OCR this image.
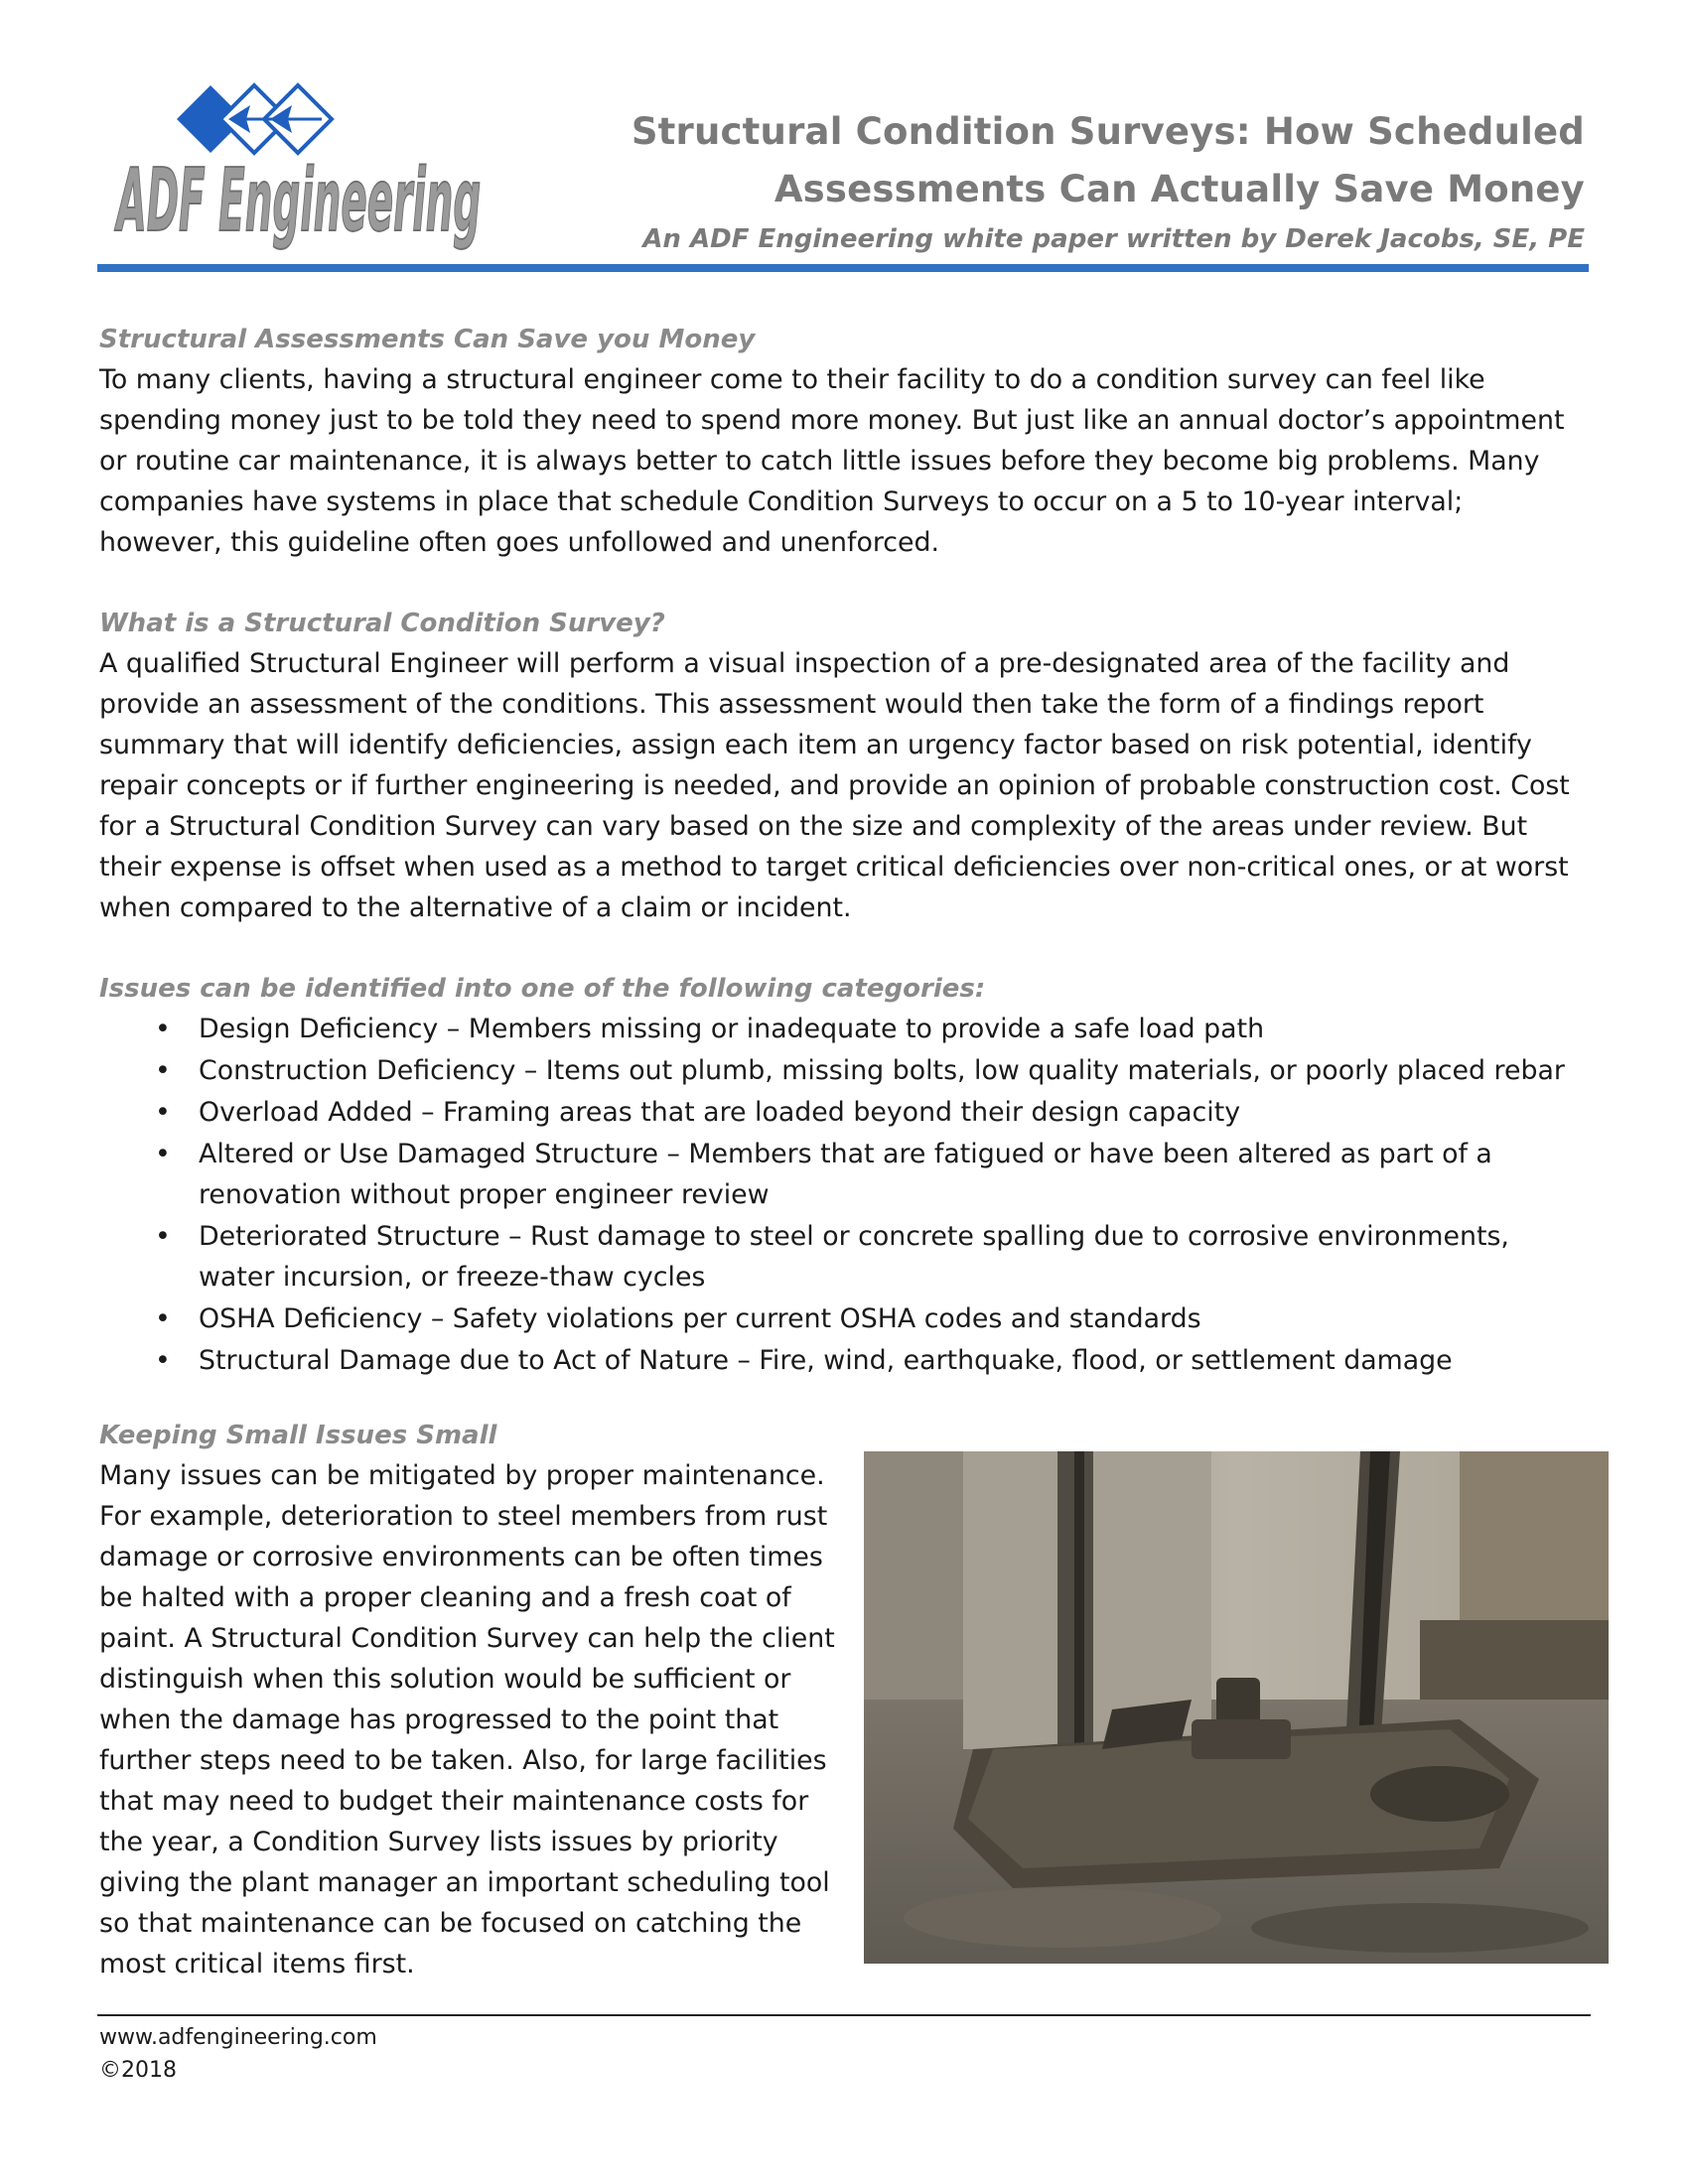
ADF Engineering
Structural Condition Surveys: How Scheduled
Assessments Can Actually Save Money
An ADF Engineering white paper written by Derek Jacobs, SE, PE
Structural Assessments Can Save you Money

To many clients, having a structural engineer come to their facility to do a condition survey can feel like spending money just to be told they need to spend more money. But just like an annual doctor’s appointment or routine car maintenance, it is always better to catch little issues before they become big problems. Many companies have systems in place that schedule Condition Surveys to occur on a 5 to 10-year interval; however, this guideline often goes unfollowed and unenforced.

What is a Structural Condition Survey?

A qualified Structural Engineer will perform a visual inspection of a pre-designated area of the facility and provide an assessment of the conditions. This assessment would then take the form of a findings report summary that will identify deficiencies, assign each item an urgency factor based on risk potential, identify repair concepts or if further engineering is needed, and provide an opinion of probable construction cost. Cost for a Structural Condition Survey can vary based on the size and complexity of the areas under review. But their expense is offset when used as a method to target critical deficiencies over non-critical ones, or at worst when compared to the alternative of a claim or incident.

Issues can be identified into one of the following categories:
• Design Deficiency – Members missing or inadequate to provide a safe load path
• Construction Deficiency – Items out plumb, missing bolts, low quality materials, or poorly placed rebar
• Overload Added – Framing areas that are loaded beyond their design capacity
• Altered or Use Damaged Structure – Members that are fatigued or have been altered as part of a renovation without proper engineer review
• Deteriorated Structure – Rust damage to steel or concrete spalling due to corrosive environments, water incursion, or freeze-thaw cycles
• OSHA Deficiency – Safety violations per current OSHA codes and standards
• Structural Damage due to Act of Nature – Fire, wind, earthquake, flood, or settlement damage
Keeping Small Issues Small

Many issues can be mitigated by proper maintenance. For example, deterioration to steel members from rust damage or corrosive environments can be often times be halted with a proper cleaning and a fresh coat of paint. A Structural Condition Survey can help the client distinguish when this solution would be sufficient or when the damage has progressed to the point that further steps need to be taken. Also, for large facilities that may need to budget their maintenance costs for the year, a Condition Survey lists issues by priority giving the plant manager an important scheduling tool so that maintenance can be focused on catching the most critical items first.

www.adfengineering.com
©2018
